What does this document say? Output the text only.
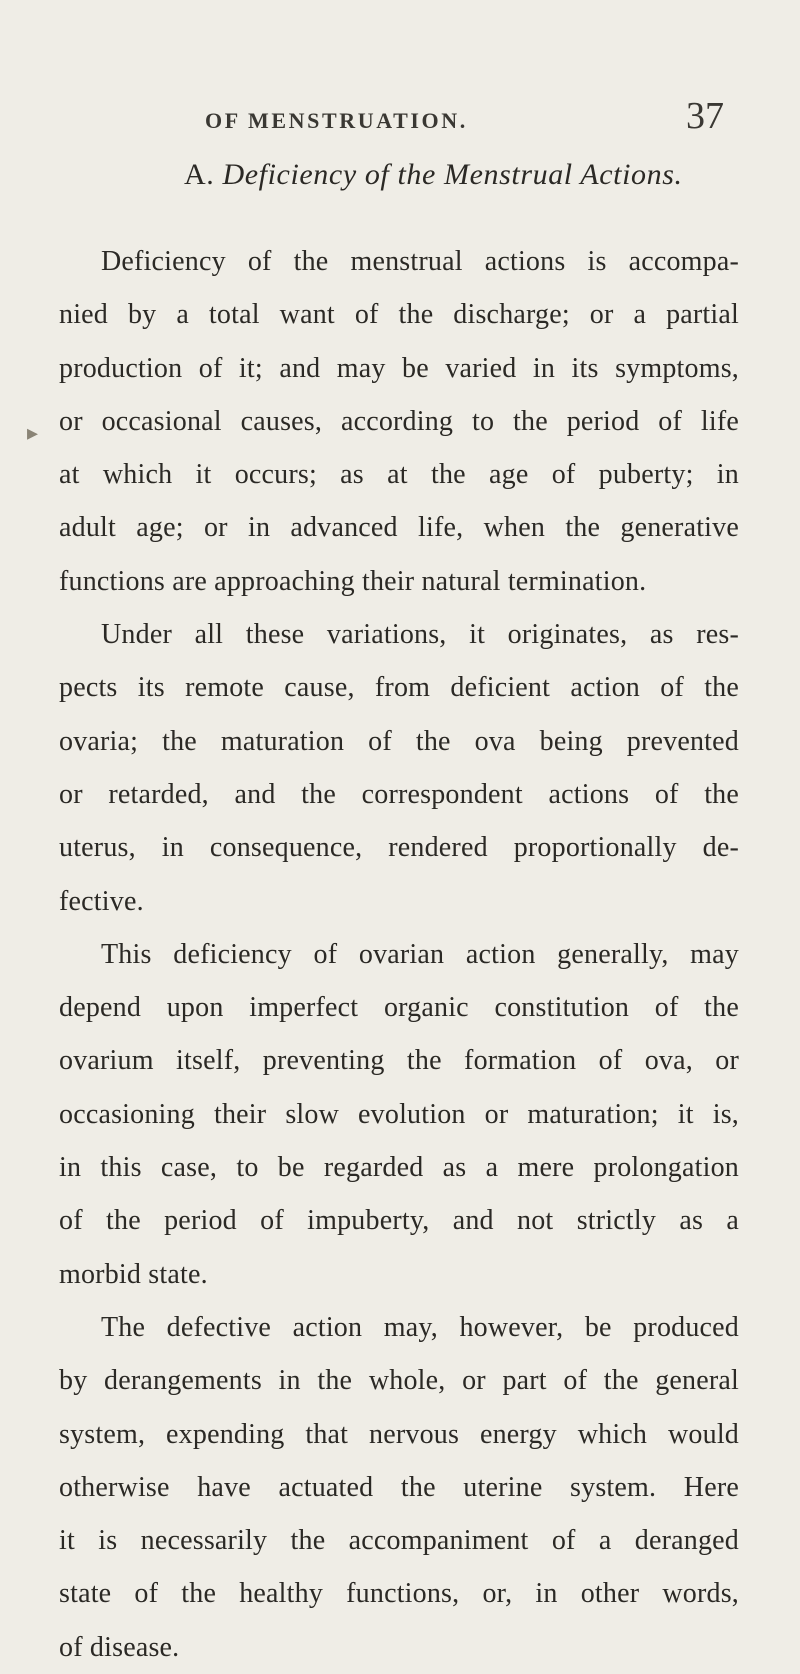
OF MENSTRUATION.	37
A. Deficiency of the Menstrual Actions.
▸
Deficiency of the menstrual actions is accompa-
nied by a total want of the discharge; or a partial
production of it; and may be varied in its symptoms,
or occasional causes, according to the period of life
at which it occurs; as at the age of puberty; in
adult age; or in advanced life, when the generative
functions are approaching their natural termination.
Under all these variations, it originates, as res-
pects its remote cause, from deficient action of the
ovaria; the maturation of the ova being prevented
or retarded, and the correspondent actions of the
uterus, in consequence, rendered proportionally de-
fective.
This deficiency of ovarian action generally, may
depend upon imperfect organic constitution of the
ovarium itself, preventing the formation of ova, or
occasioning their slow evolution or maturation; it is,
in this case, to be regarded as a mere prolongation
of the period of impuberty, and not strictly as a
morbid state.
The defective action may, however, be produced
by derangements in the whole, or part of the general
system, expending that nervous energy which would
otherwise have actuated the uterine system. Here
it is necessarily the accompaniment of a deranged
state of the healthy functions, or, in other words,
of disease.
